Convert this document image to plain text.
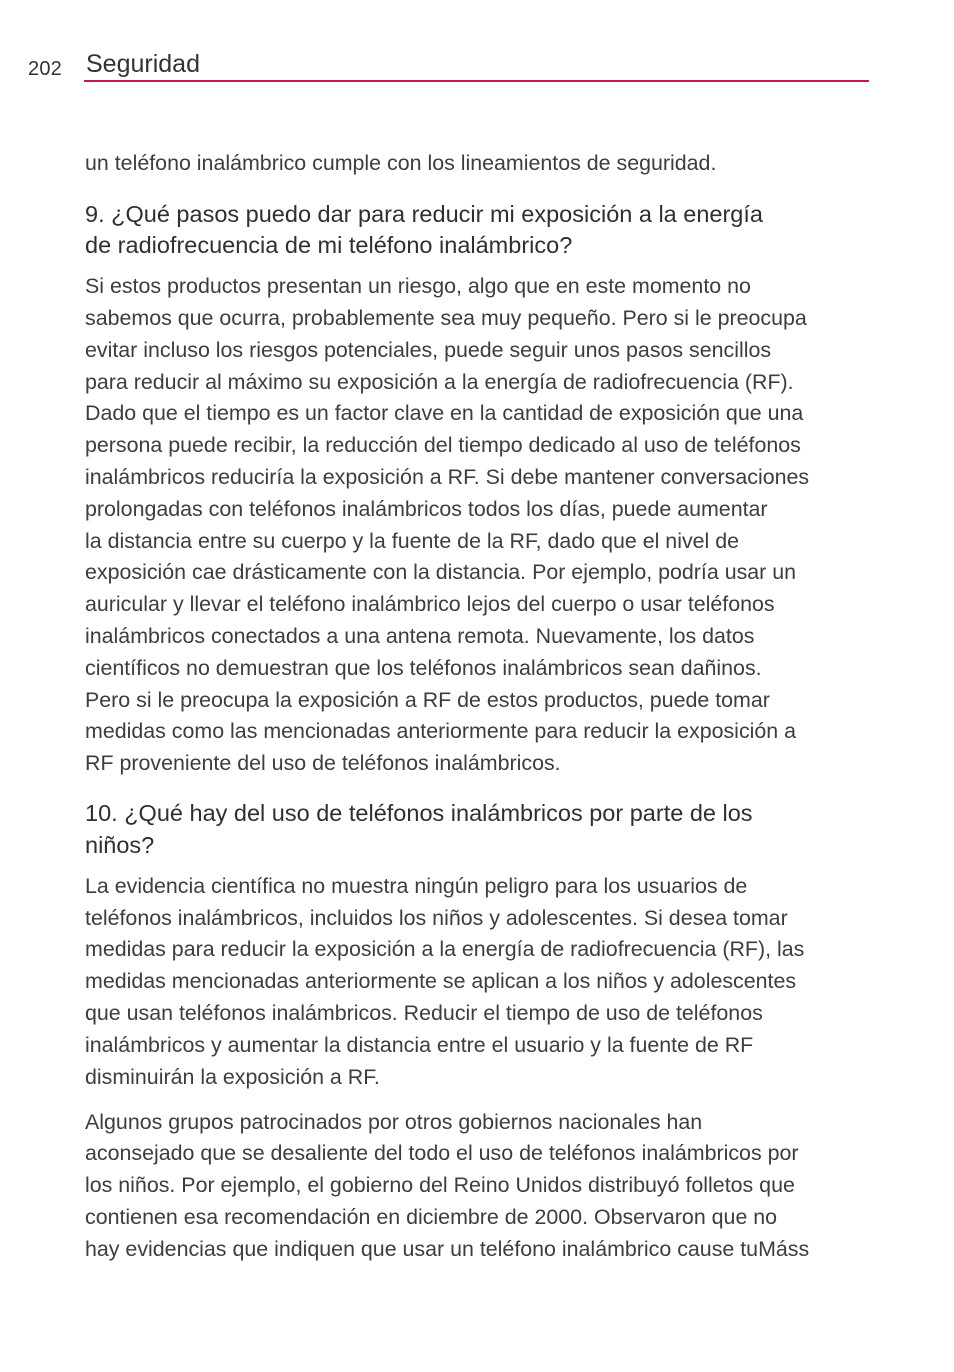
202 Seguridad
un teléfono inalámbrico cumple con los lineamientos de seguridad.
9. ¿Qué pasos puedo dar para reducir mi exposición a la energía
de radiofrecuencia de mi teléfono inalámbrico?
Si estos productos presentan un riesgo, algo que en este momento no
sabemos que ocurra, probablemente sea muy pequeño. Pero si le preocupa
evitar incluso los riesgos potenciales, puede seguir unos pasos sencillos
para reducir al máximo su exposición a la energía de radiofrecuencia (RF).
Dado que el tiempo es un factor clave en la cantidad de exposición que una
persona puede recibir, la reducción del tiempo dedicado al uso de teléfonos
inalámbricos reduciría la exposición a RF. Si debe mantener conversaciones
prolongadas con teléfonos inalámbricos todos los días, puede aumentar
la distancia entre su cuerpo y la fuente de la RF, dado que el nivel de
exposición cae drásticamente con la distancia. Por ejemplo, podría usar un
auricular y llevar el teléfono inalámbrico lejos del cuerpo o usar teléfonos
inalámbricos conectados a una antena remota. Nuevamente, los datos
científicos no demuestran que los teléfonos inalámbricos sean dañinos.
Pero si le preocupa la exposición a RF de estos productos, puede tomar
medidas como las mencionadas anteriormente para reducir la exposición a
RF proveniente del uso de teléfonos inalámbricos.
10. ¿Qué hay del uso de teléfonos inalámbricos por parte de los
niños?
La evidencia científica no muestra ningún peligro para los usuarios de
teléfonos inalámbricos, incluidos los niños y adolescentes. Si desea tomar
medidas para reducir la exposición a la energía de radiofrecuencia (RF), las
medidas mencionadas anteriormente se aplican a los niños y adolescentes
que usan teléfonos inalámbricos. Reducir el tiempo de uso de teléfonos
inalámbricos y aumentar la distancia entre el usuario y la fuente de RF
disminuirán la exposición a RF.
Algunos grupos patrocinados por otros gobiernos nacionales han
aconsejado que se desaliente del todo el uso de teléfonos inalámbricos por
los niños. Por ejemplo, el gobierno del Reino Unidos distribuyó folletos que
contienen esa recomendación en diciembre de 2000. Observaron que no
hay evidencias que indiquen que usar un teléfono inalámbrico cause tuMáss
